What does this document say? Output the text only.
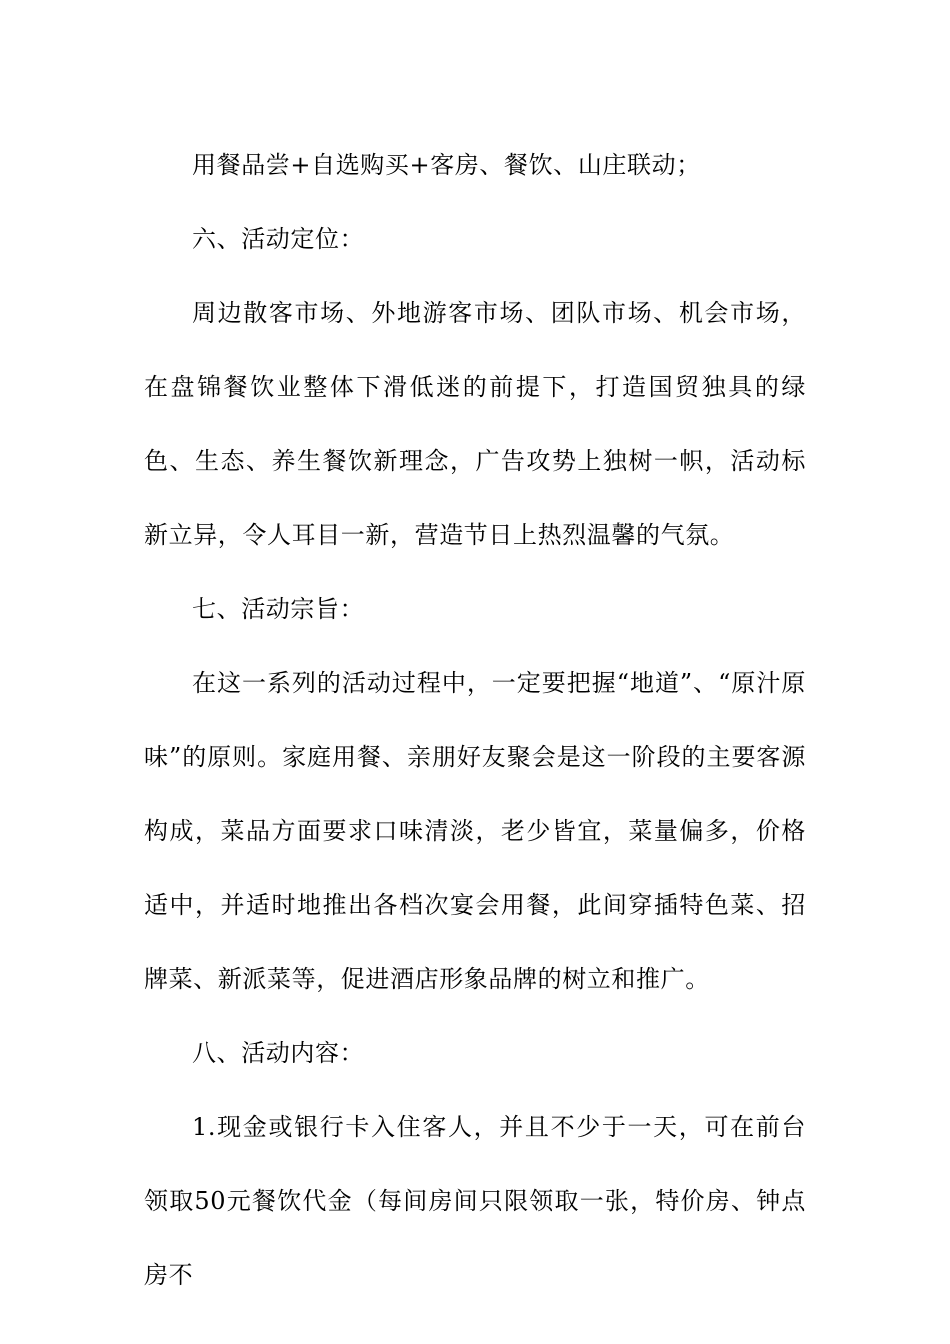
用餐品尝+自选购买+客房、餐饮、山庄联动；

六、活动定位：

周边散客市场、外地游客市场、团队市场、机会市场，在盘锦餐饮业整体下滑低迷的前提下，打造国贸独具的绿色、生态、养生餐饮新理念，广告攻势上独树一帜，活动标新立异，令人耳目一新，营造节日上热烈温馨的气氛。

七、活动宗旨：

在这一系列的活动过程中，一定要把握“地道”、“原汁原味”的原则。家庭用餐、亲朋好友聚会是这一阶段的主要客源构成，菜品方面要求口味清淡，老少皆宜，菜量偏多，价格适中，并适时地推出各档次宴会用餐，此间穿插特色菜、招牌菜、新派菜等，促进酒店形象品牌的树立和推广。

八、活动内容：

1.现金或银行卡入住客人，并且不少于一天，可在前台领取50元餐饮代金（每间房间只限领取一张，特价房、钟点房不
